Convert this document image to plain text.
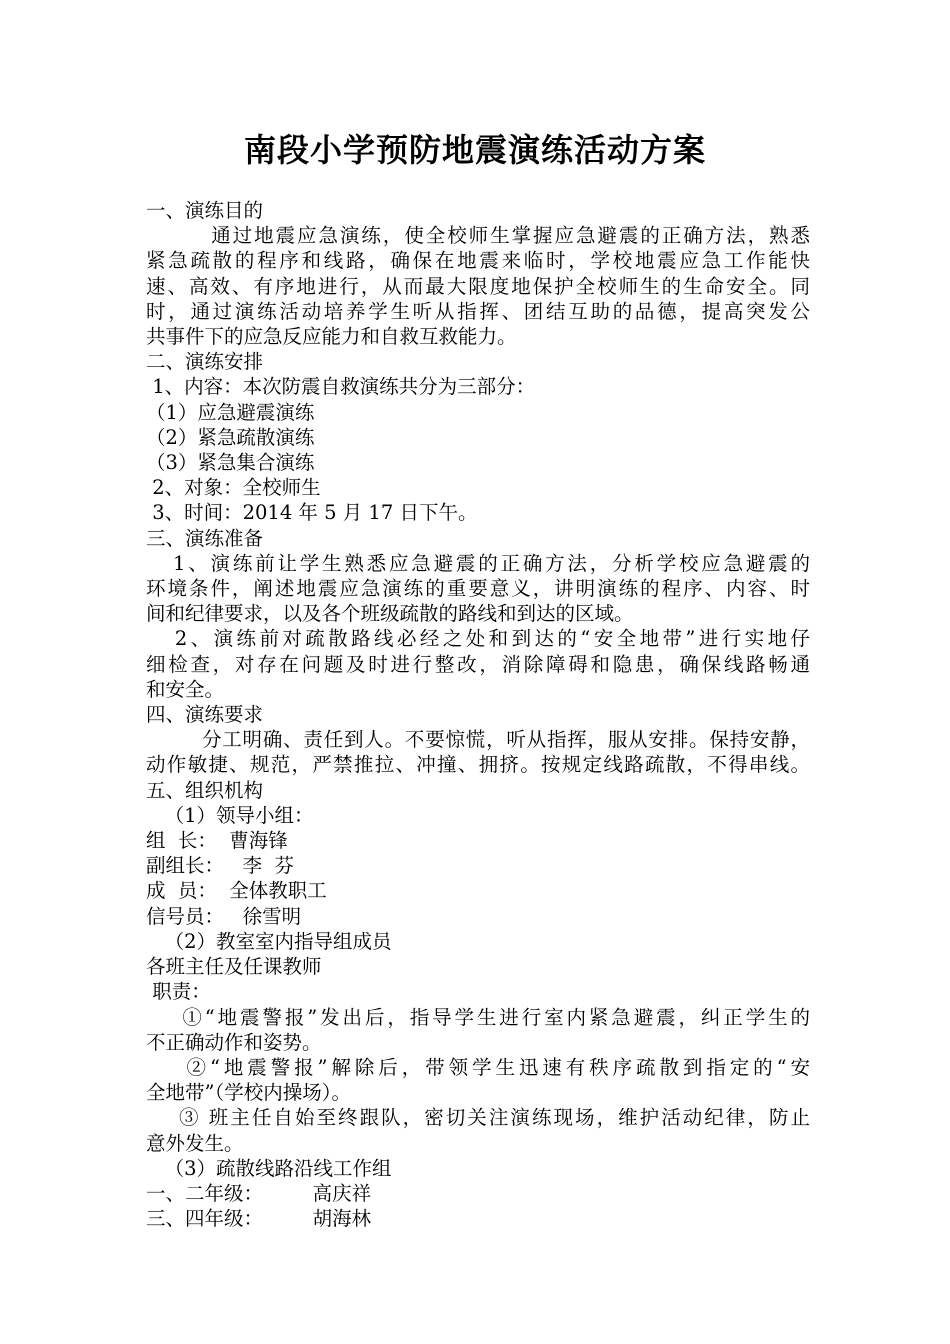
南段小学预防地震演练活动方案
一、演练目的
通过地震应急演练，使全校师生掌握应急避震的正确方法，熟悉
紧急疏散的程序和线路，确保在地震来临时，学校地震应急工作能快
速、高效、有序地进行，从而最大限度地保护全校师生的生命安全。同
时，通过演练活动培养学生听从指挥、团结互助的品德，提高突发公
共事件下的应急反应能力和自救互救能力。
二、演练安排
1、内容：本次防震自救演练共分为三部分：
（1）应急避震演练
（2）紧急疏散演练
（3）紧急集合演练
2、对象：全校师生
3、时间：2014 年 5 月 17 日下午。
三、演练准备
1、演练前让学生熟悉应急避震的正确方法，分析学校应急避震的
环境条件，阐述地震应急演练的重要意义，讲明演练的程序、内容、时
间和纪律要求，以及各个班级疏散的路线和到达的区域。
2、演练前对疏散路线必经之处和到达的“安全地带”进行实地仔
细检查，对存在问题及时进行整改，消除障碍和隐患，确保线路畅通
和安全。
四、演练要求
分工明确、责任到人。不要惊慌，听从指挥，服从安排。保持安静，
动作敏捷、规范，严禁推拉、冲撞、拥挤。按规定线路疏散，不得串线。
五、组织机构
（1）领导小组：
组  长：  曹海锋
副组长：   李  芬
成  员：  全体教职工
信号员：   徐雪明
（2）教室室内指导组成员
各班主任及任课教师
职责：
①“地震警报”发出后，指导学生进行室内紧急避震，纠正学生的
不正确动作和姿势。
②“地震警报”解除后，带领学生迅速有秩序疏散到指定的“安
全地带”（学校内操场）。
③ 班主任自始至终跟队，密切关注演练现场，维护活动纪律，防止
意外发生。
（3）疏散线路沿线工作组
一、二年级：        高庆祥
三、四年级：        胡海林
